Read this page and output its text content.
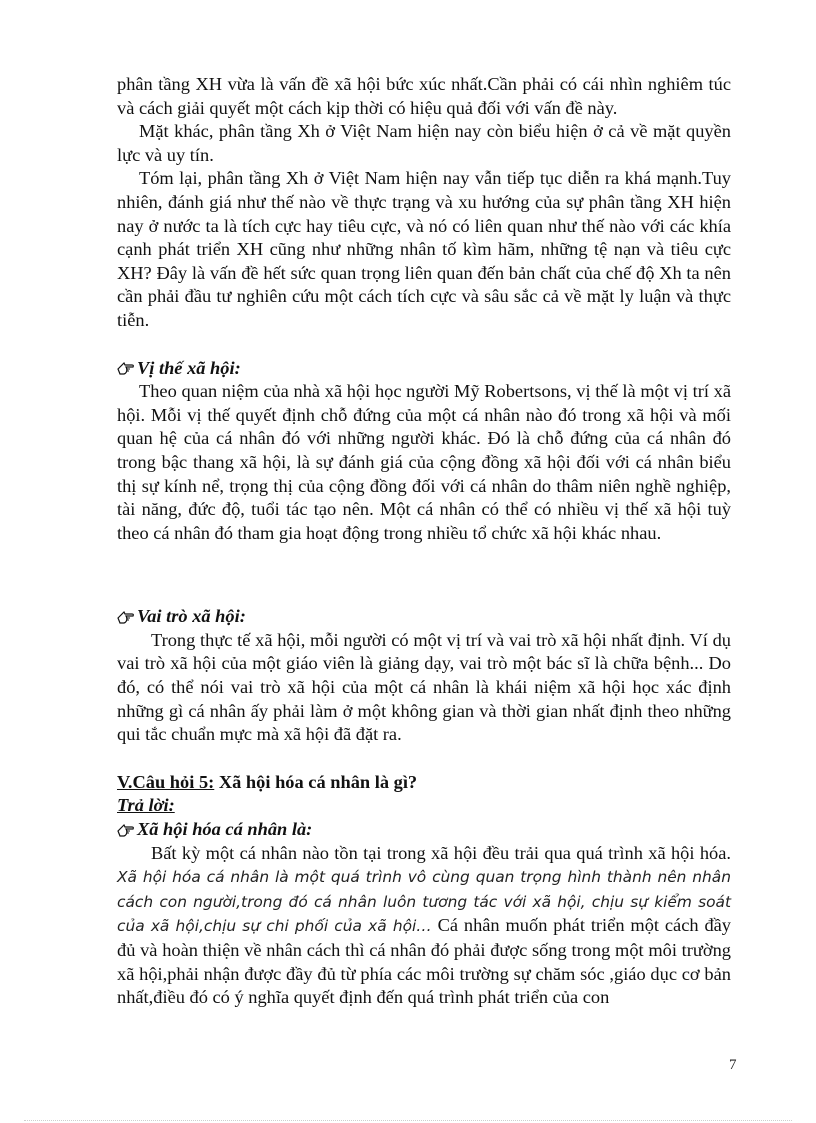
phân tầng XH vừa là vấn đề xã hội bức xúc nhất.Cần phải có cái nhìn nghiêm túc và cách giải quyết một cách kịp thời có hiệu quả đối với vấn đề này.

Mặt khác, phân tầng Xh ở Việt Nam hiện nay còn biểu hiện ở cả về mặt quyền lực và uy tín.

Tóm lại, phân tầng Xh ở Việt Nam hiện nay vẫn tiếp tục diễn ra khá mạnh.Tuy nhiên, đánh giá như thế nào về thực trạng và xu hướng của sự phân tầng XH hiện nay ở nước ta là tích cực hay tiêu cực, và nó có liên quan như thế nào với các khía cạnh phát triển XH cũng như những nhân tố kìm hãm, những tệ nạn và tiêu cực XH? Đây là vấn đề hết sức quan trọng liên quan đến bản chất của chế độ Xh ta nên cần phải đầu tư nghiên cứu một cách tích cực và sâu sắc cả về mặt ly luận và thực tiễn.

Vị thế xã hội:

Theo quan niệm của nhà xã hội học người Mỹ Robertsons, vị thế là một vị trí xã hội. Mỗi vị thế quyết định chỗ đứng của một cá nhân nào đó trong xã hội và mối quan hệ của cá nhân đó với những người khác. Đó là chỗ đứng của cá nhân đó trong bậc thang xã hội, là sự đánh giá của cộng đồng xã hội đối với cá nhân biểu thị sự kính nể, trọng thị của cộng đồng đối với cá nhân do thâm niên nghề nghiệp, tài năng, đức độ, tuổi tác tạo nên. Một cá nhân có thể có nhiều vị thế xã hội tuỳ theo cá nhân đó tham gia hoạt động trong nhiều tổ chức xã hội khác nhau.

Vai trò xã hội:

Trong thực tế xã hội, mỗi người có một vị trí và vai trò xã hội nhất định. Ví dụ vai trò xã hội của một giáo viên là giảng dạy, vai trò một bác sĩ là chữa bệnh... Do đó, có thể nói vai trò xã hội của một cá nhân là khái niệm xã hội học xác định những gì cá nhân ấy phải làm ở một không gian và thời gian nhất định theo những qui tắc chuẩn mực mà xã hội đã đặt ra.

V.Câu hỏi 5: Xã hội hóa cá nhân là gì?

Trả lời:

Xã hội hóa cá nhân là:

Bất kỳ một cá nhân nào tồn tại trong xã hội đều trải qua quá trình xã hội hóa. Xã hội hóa cá nhân là một quá trình vô cùng quan trọng hình thành nên nhân cách con người,trong đó cá nhân luôn tương tác với xã hội, chịu sự kiểm soát của xã hội,chịu sự chi phối của xã hội… Cá nhân muốn phát triển một cách đầy đủ và hoàn thiện về nhân cách thì cá nhân đó phải được sống trong một môi trường xã hội,phải nhận được đầy đủ từ phía các môi trường sự chăm sóc ,giáo dục cơ bản nhất,điều đó có ý nghĩa quyết định đến quá trình phát triển của con

7
